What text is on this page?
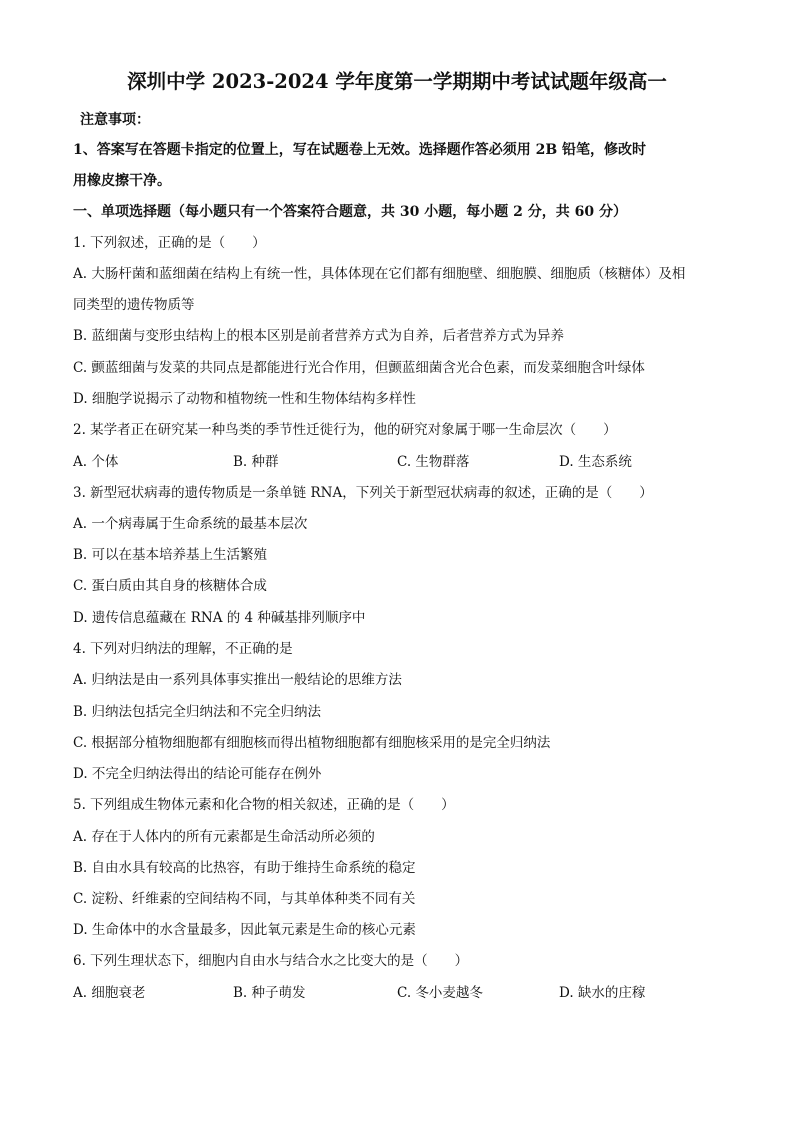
深圳中学 2023-2024 学年度第一学期期中考试试题年级高一
注意事项：
1、答案写在答题卡指定的位置上，写在试题卷上无效。选择题作答必须用 2B 铅笔，修改时
用橡皮擦干净。
一、单项选择题（每小题只有一个答案符合题意，共 30 小题，每小题 2 分，共 60 分）
1. 下列叙述，正确的是（　　）
A. 大肠杆菌和蓝细菌在结构上有统一性，具体体现在它们都有细胞壁、细胞膜、细胞质（核糖体）及相
同类型的遗传物质等
B. 蓝细菌与变形虫结构上的根本区别是前者营养方式为自养，后者营养方式为异养
C. 颤蓝细菌与发菜的共同点是都能进行光合作用，但颤蓝细菌含光合色素，而发菜细胞含叶绿体
D. 细胞学说揭示了动物和植物统一性和生物体结构多样性
2. 某学者正在研究某一种鸟类的季节性迁徙行为，他的研究对象属于哪一生命层次（　　）
A. 个体	B. 种群	C. 生物群落	D. 生态系统
3. 新型冠状病毒的遗传物质是一条单链 RNA，下列关于新型冠状病毒的叙述，正确的是（　　）
A. 一个病毒属于生命系统的最基本层次
B. 可以在基本培养基上生活繁殖
C. 蛋白质由其自身的核糖体合成
D. 遗传信息蕴藏在 RNA 的 4 种碱基排列顺序中
4. 下列对归纳法的理解，不正确的是
A. 归纳法是由一系列具体事实推出一般结论的思维方法
B. 归纳法包括完全归纳法和不完全归纳法
C. 根据部分植物细胞都有细胞核而得出植物细胞都有细胞核采用的是完全归纳法
D. 不完全归纳法得出的结论可能存在例外
5. 下列组成生物体元素和化合物的相关叙述，正确的是（　　）
A. 存在于人体内的所有元素都是生命活动所必须的
B. 自由水具有较高的比热容，有助于维持生命系统的稳定
C. 淀粉、纤维素的空间结构不同，与其单体种类不同有关
D. 生命体中的水含量最多，因此氧元素是生命的核心元素
6. 下列生理状态下，细胞内自由水与结合水之比变大的是（　　）
A. 细胞衰老	B. 种子萌发	C. 冬小麦越冬	D. 缺水的庄稼
